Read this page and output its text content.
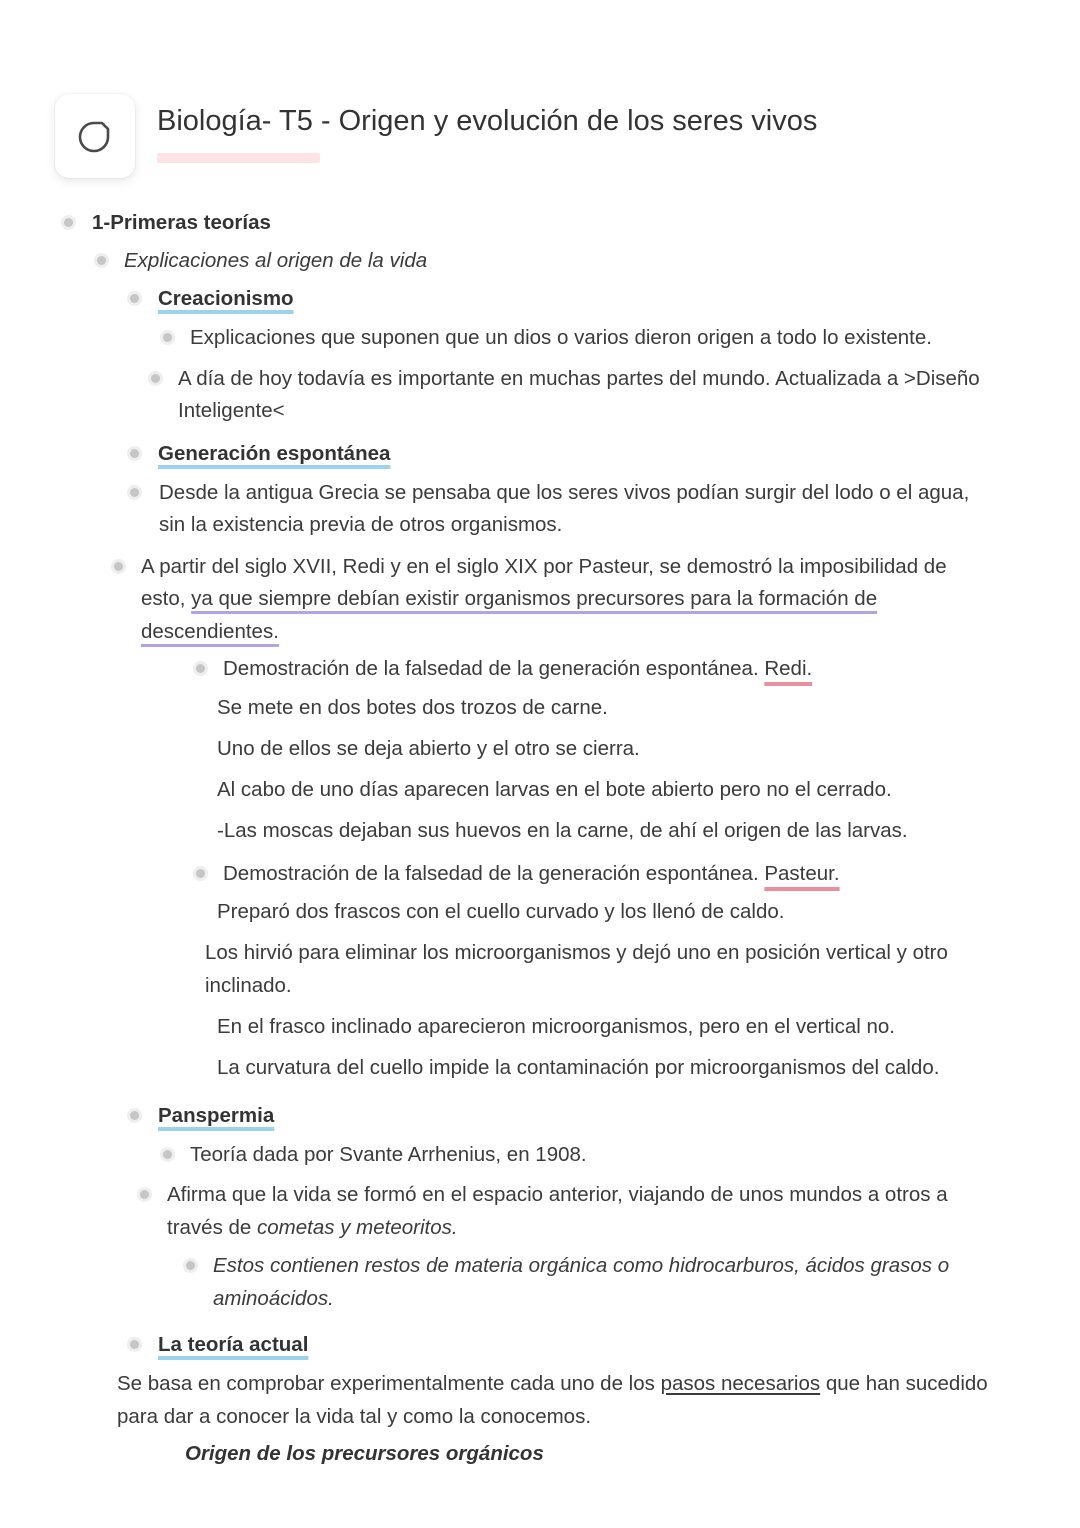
Biología- T5 - Origen y evolución de los seres vivos
1-Primeras teorías
Explicaciones al origen de la vida
Creacionismo
Explicaciones que suponen que un dios o varios dieron origen a todo lo existente.
A día de hoy todavía es importante en muchas partes del mundo. Actualizada a >Diseño
Inteligente<
Generación espontánea
Desde la antigua Grecia se pensaba que los seres vivos podían surgir del lodo o el agua,
sin la existencia previa de otros organismos.
A partir del siglo XVII, Redi y en el siglo XIX por Pasteur, se demostró la imposibilidad de
esto, ya que siempre debían existir organismos precursores para la formación de
descendientes.
Demostración de la falsedad de la generación espontánea. Redi.
Se mete en dos botes dos trozos de carne.
Uno de ellos se deja abierto y el otro se cierra.
Al cabo de uno días aparecen larvas en el bote abierto pero no el cerrado.
-Las moscas dejaban sus huevos en la carne, de ahí el origen de las larvas.
Demostración de la falsedad de la generación espontánea. Pasteur.
Preparó dos frascos con el cuello curvado y los llenó de caldo.
Los hirvió para eliminar los microorganismos y dejó uno en posición vertical y otro
inclinado.
En el frasco inclinado aparecieron microorganismos, pero en el vertical no.
La curvatura del cuello impide la contaminación por microorganismos del caldo.
Panspermia
Teoría dada por Svante Arrhenius, en 1908.
Afirma que la vida se formó en el espacio anterior, viajando de unos mundos a otros a
través de cometas y meteoritos.
Estos contienen restos de materia orgánica como hidrocarburos, ácidos grasos o
aminoácidos.
La teoría actual
Se basa en comprobar experimentalmente cada uno de los pasos necesarios que han sucedido
para dar a conocer la vida tal y como la conocemos.
Origen de los precursores orgánicos
